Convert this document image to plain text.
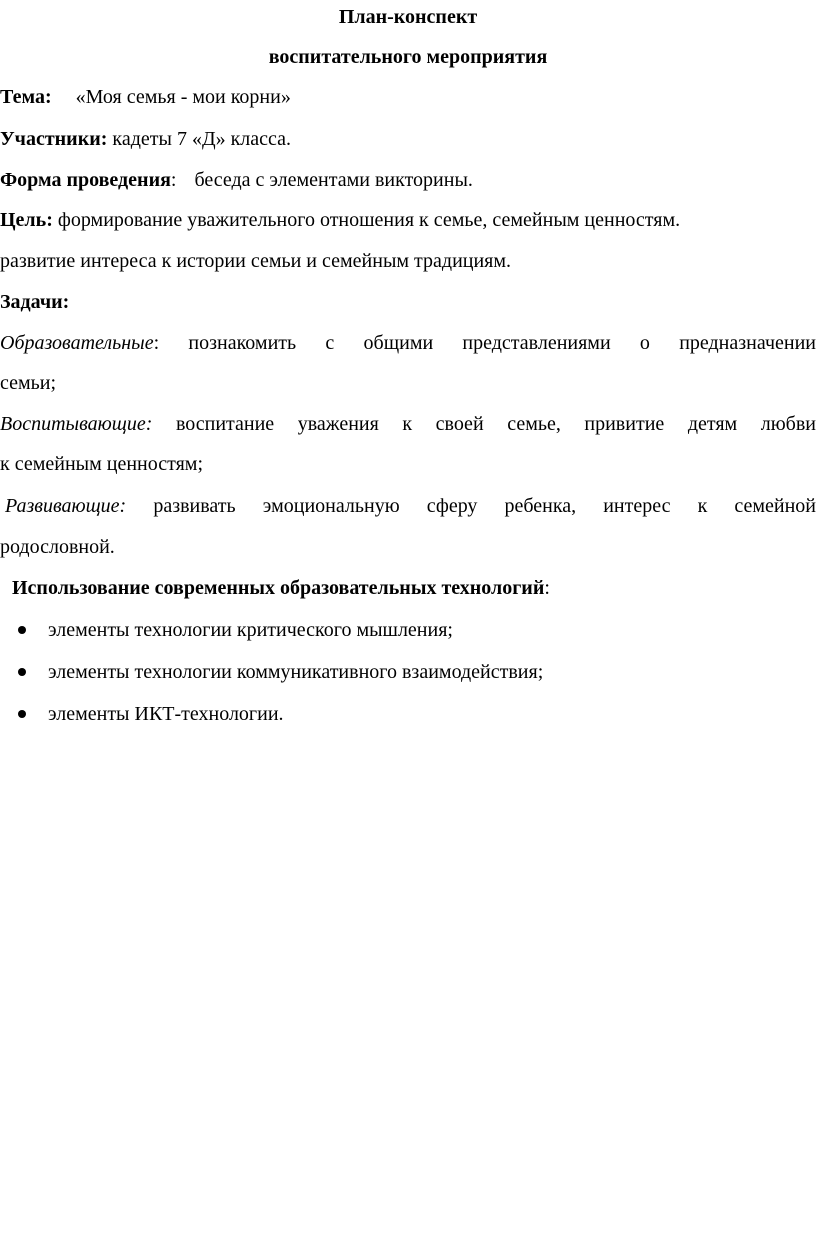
План-конспект
воспитательного мероприятия
Тема: «Моя семья - мои корни»
Участники: кадеты 7 «Д» класса.
Форма проведения: беседа с элементами викторины.
Цель: формирование уважительного отношения к семье, семейным ценностям.
развитие интереса к истории семьи и семейным традициям.
Задачи:
Образовательные: познакомить с общими представлениями о предназначении
семьи;
Воспитывающие: воспитание уважения к своей семье, привитие детям любви
к семейным ценностям;
Развивающие: развивать эмоциональную сферу ребенка, интерес к семейной
родословной.
Использование современных образовательных технологий:
элементы технологии критического мышления;
элементы технологии коммуникативного взаимодействия;
элементы ИКТ-технологии.
